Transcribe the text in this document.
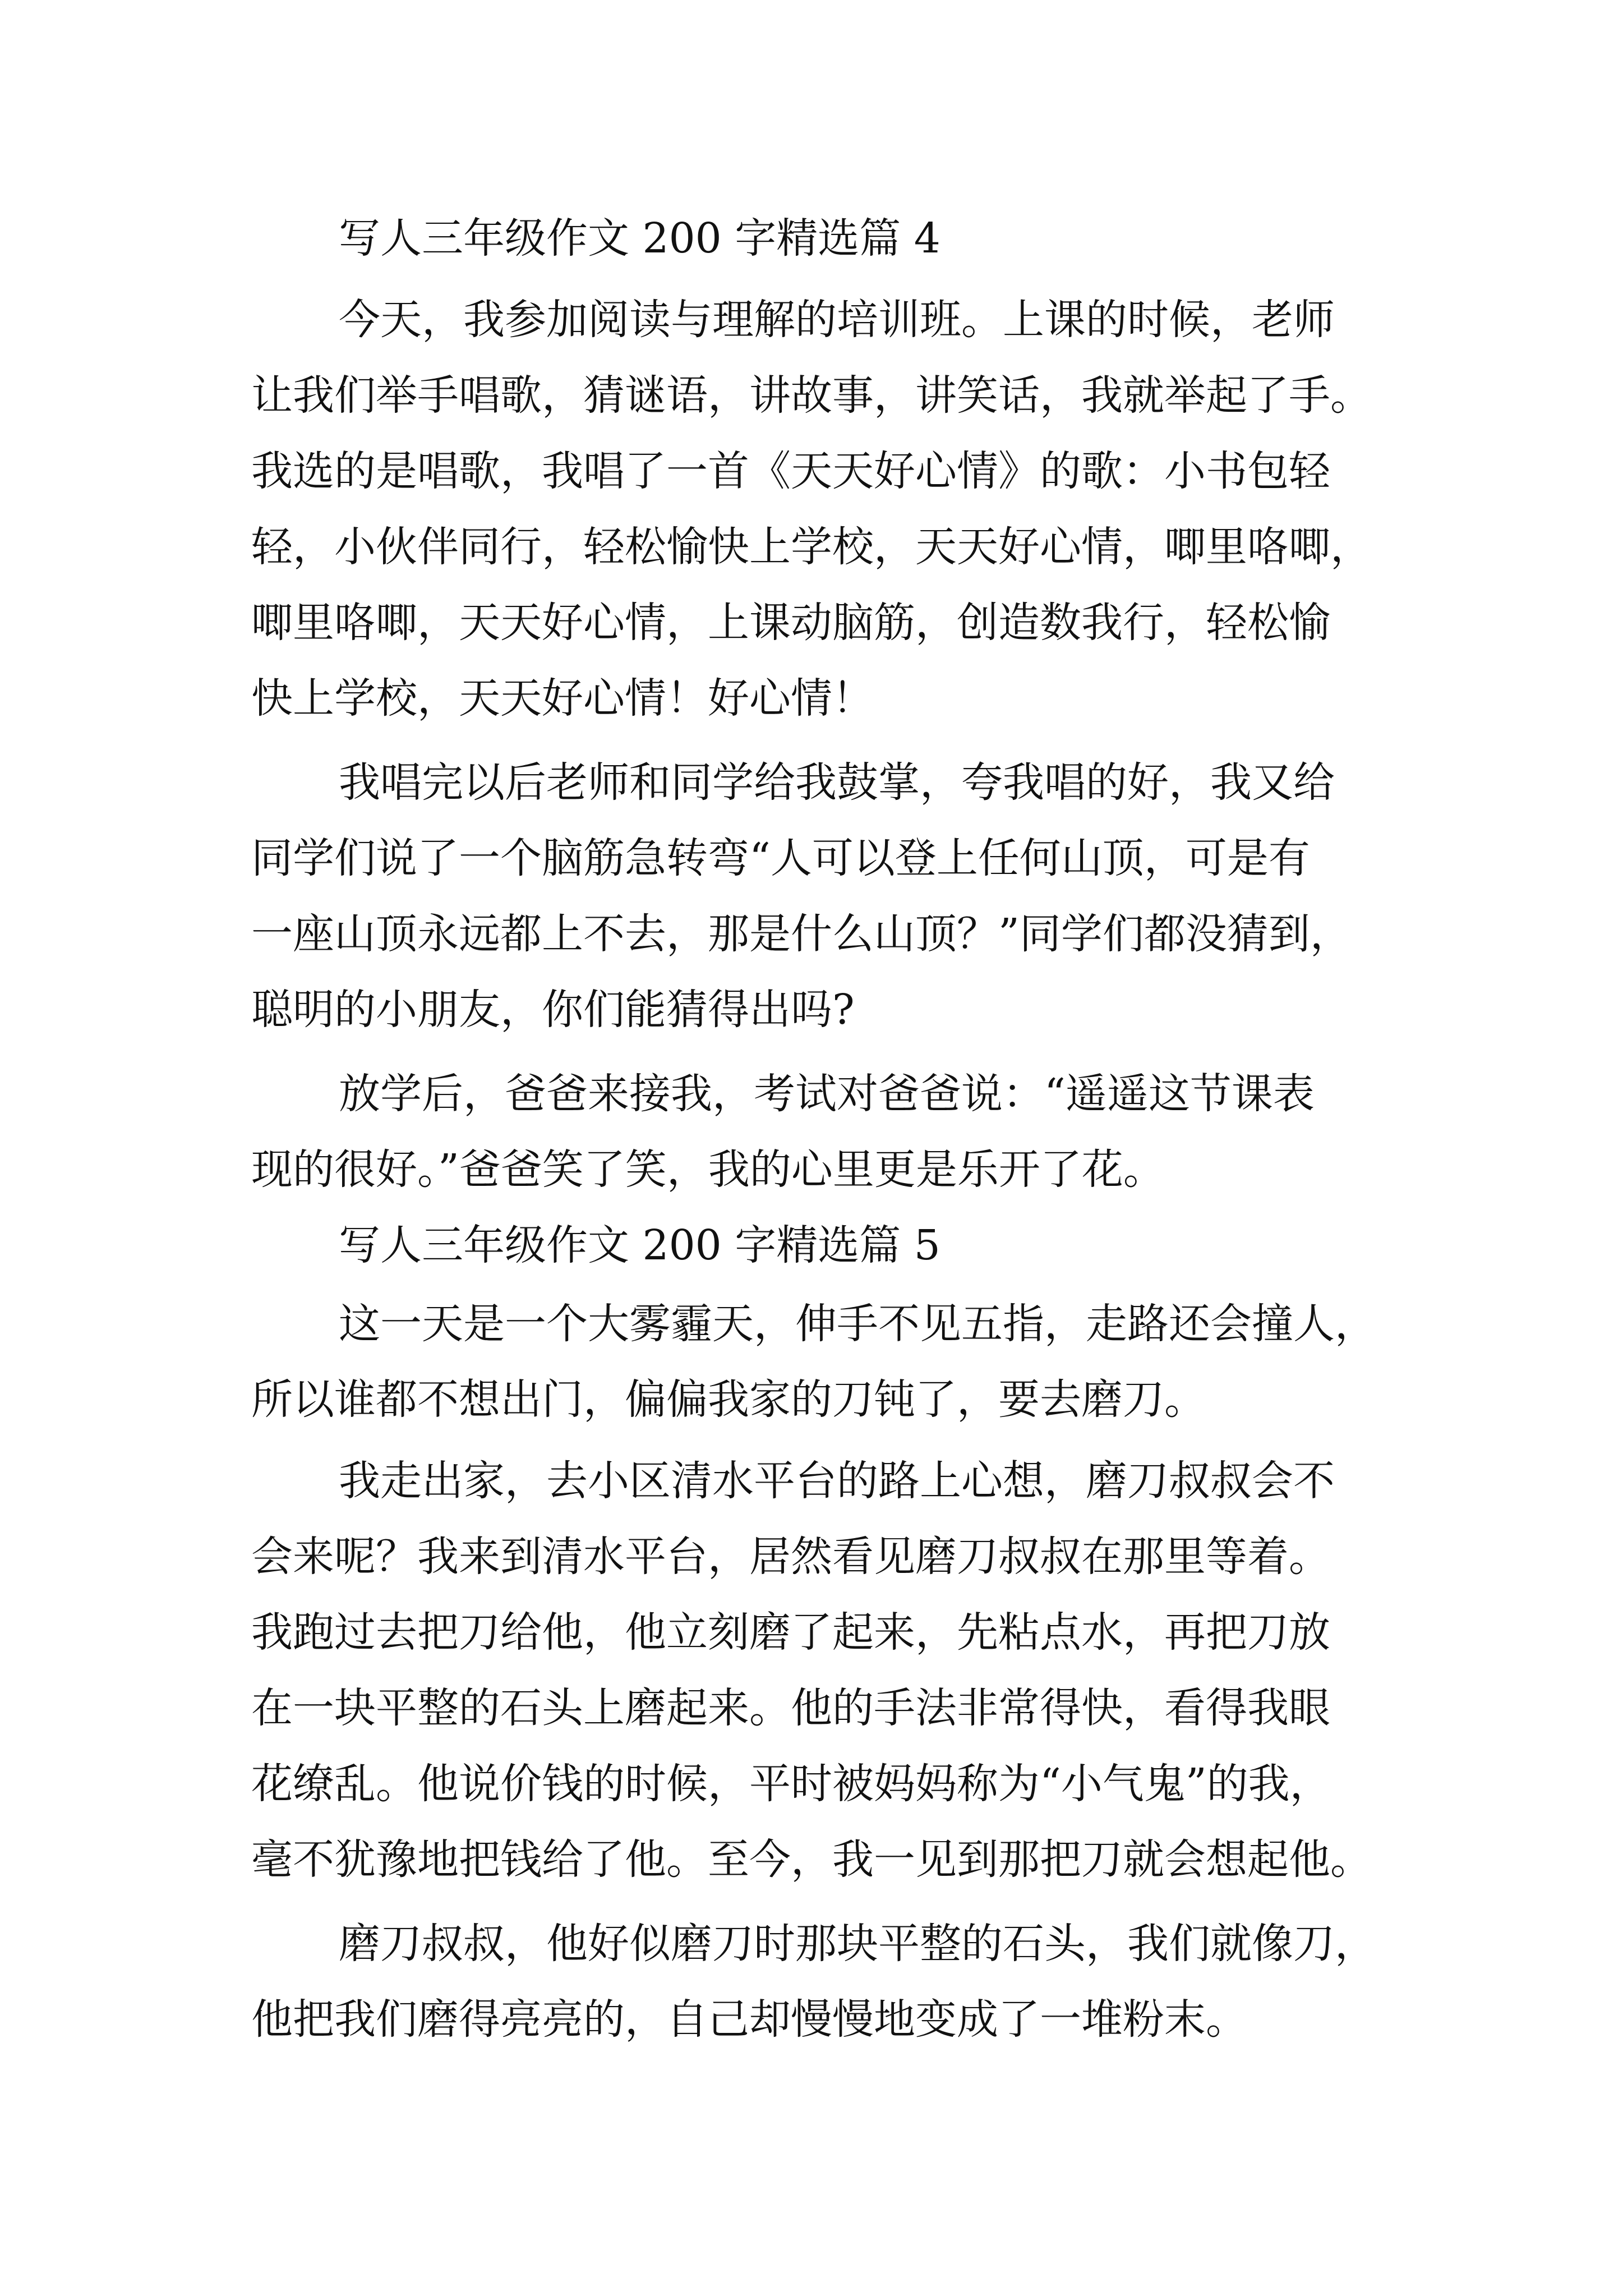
写人三年级作文 200 字精选篇 4
今天，我参加阅读与理解的培训班。上课的时候，老师
让我们举手唱歌，猜谜语，讲故事，讲笑话，我就举起了手。
我选的是唱歌，我唱了一首《天天好心情》的歌：小书包轻
轻，小伙伴同行，轻松愉快上学校，天天好心情，唧里咯唧，
唧里咯唧，天天好心情，上课动脑筋，创造数我行，轻松愉
快上学校，天天好心情！好心情！
我唱完以后老师和同学给我鼓掌，夸我唱的好，我又给
同学们说了一个脑筋急转弯“人可以登上任何山顶，可是有
一座山顶永远都上不去，那是什么山顶？”同学们都没猜到，
聪明的小朋友，你们能猜得出吗?
放学后，爸爸来接我，考试对爸爸说：“遥遥这节课表
现的很好。”爸爸笑了笑，我的心里更是乐开了花。
写人三年级作文 200 字精选篇 5
这一天是一个大雾霾天，伸手不见五指，走路还会撞人，
所以谁都不想出门，偏偏我家的刀钝了，要去磨刀。
我走出家，去小区清水平台的路上心想，磨刀叔叔会不
会来呢？我来到清水平台，居然看见磨刀叔叔在那里等着。
我跑过去把刀给他，他立刻磨了起来，先粘点水，再把刀放
在一块平整的石头上磨起来。他的手法非常得快，看得我眼
花缭乱。他说价钱的时候，平时被妈妈称为“小气鬼”的我，
毫不犹豫地把钱给了他。至今，我一见到那把刀就会想起他。
磨刀叔叔，他好似磨刀时那块平整的石头，我们就像刀，
他把我们磨得亮亮的，自己却慢慢地变成了一堆粉末。
